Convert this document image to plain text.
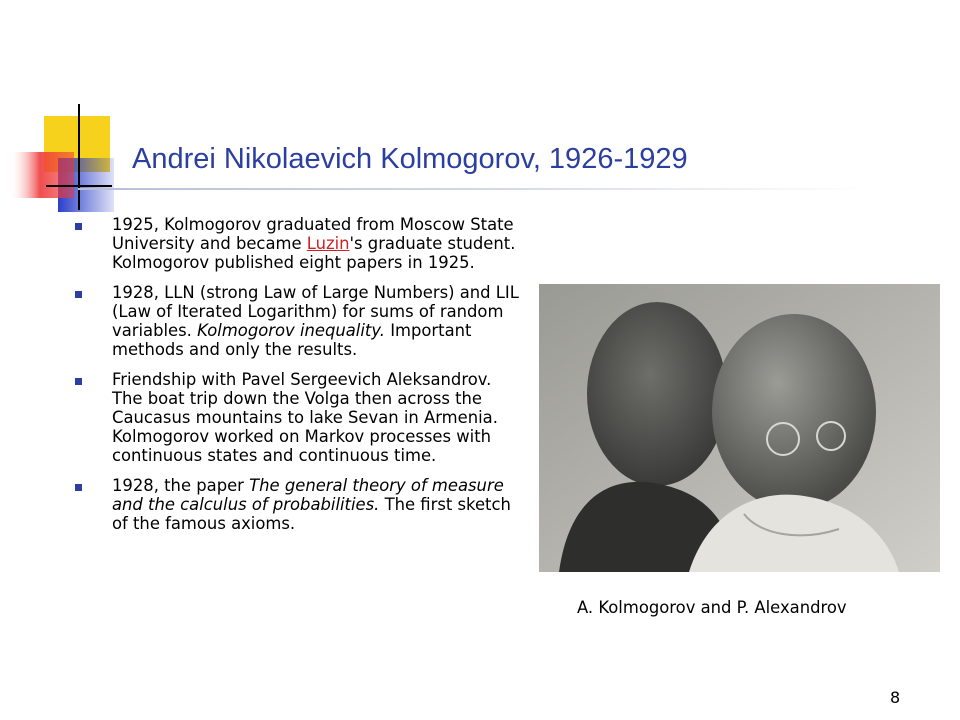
Andrei Nikolaevich Kolmogorov, 1926-1929
1925, Kolmogorov graduated from Moscow State University and became Luzin's graduate student. Kolmogorov published eight papers in 1925.
1928, LLN (strong Law of Large Numbers) and LIL (Law of Iterated Logarithm) for sums of random variables. Kolmogorov inequality. Important methods and only the results.
Friendship with Pavel Sergeevich Aleksandrov. The boat trip down the Volga then across the Caucasus mountains to lake Sevan in Armenia. Kolmogorov worked on Markov processes with continuous states and continuous time.
1928, the paper The general theory of measure and the calculus of probabilities. The first sketch of the famous axioms.
A. Kolmogorov and P. Alexandrov
8
